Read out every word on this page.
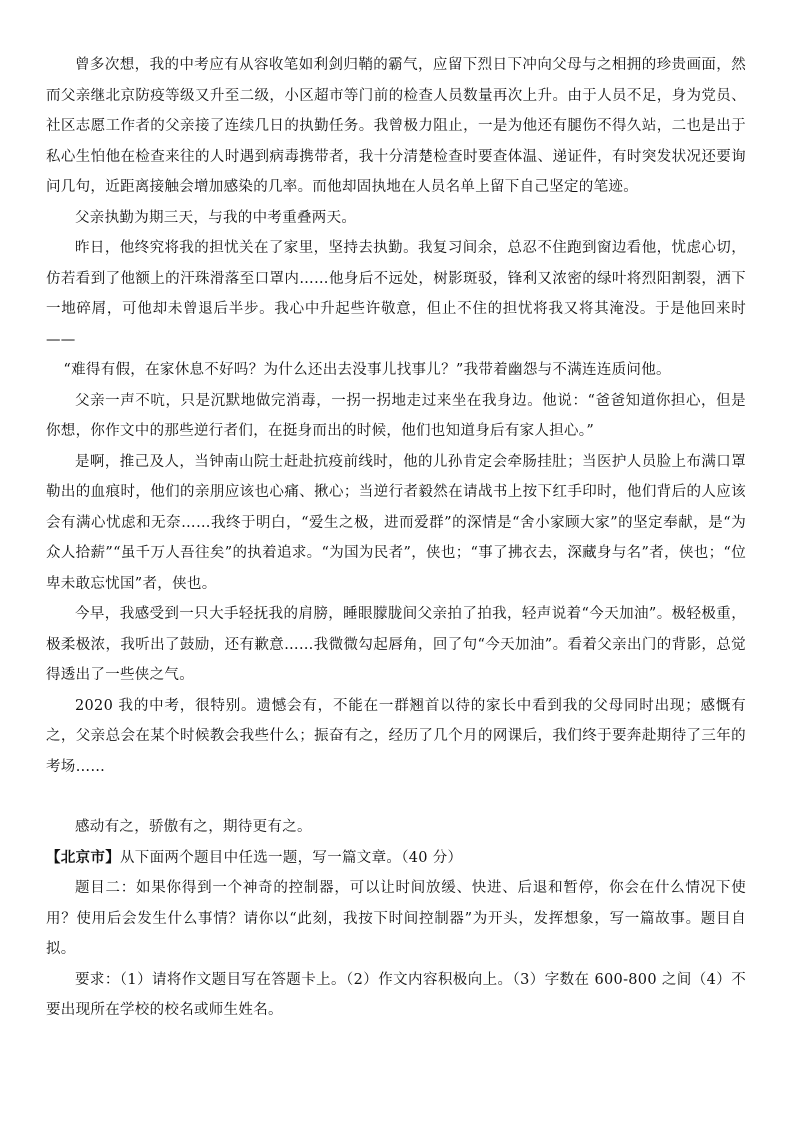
曾多次想，我的中考应有从容收笔如利剑归鞘的霸气，应留下烈日下冲向父母与之相拥的珍贵画面，然而父亲继北京防疫等级又升至二级，小区超市等门前的检查人员数量再次上升。由于人员不足，身为党员、社区志愿工作者的父亲接了连续几日的执勤任务。我曾极力阻止，一是为他还有腿伤不得久站，二也是出于私心生怕他在检查来往的人时遇到病毒携带者，我十分清楚检查时要查体温、递证件，有时突发状况还要询问几句，近距离接触会增加感染的几率。而他却固执地在人员名单上留下自己坚定的笔迹。

父亲执勤为期三天，与我的中考重叠两天。

昨日，他终究将我的担忧关在了家里，坚持去执勤。我复习间余，总忍不住跑到窗边看他，忧虑心切，仿若看到了他额上的汗珠滑落至口罩内……他身后不远处，树影斑驳，锋利又浓密的绿叶将烈阳割裂，洒下一地碎屑，可他却未曾退后半步。我心中升起些许敬意，但止不住的担忧将我又将其淹没。于是他回来时——

“难得有假，在家休息不好吗？为什么还出去没事儿找事儿？”我带着幽怨与不满连连质问他。

父亲一声不吭，只是沉默地做完消毒，一拐一拐地走过来坐在我身边。他说：“爸爸知道你担心，但是你想，你作文中的那些逆行者们，在挺身而出的时候，他们也知道身后有家人担心。”

是啊，推己及人，当钟南山院士赶赴抗疫前线时，他的儿孙肯定会牵肠挂肚；当医护人员脸上布满口罩勒出的血痕时，他们的亲朋应该也心痛、揪心；当逆行者毅然在请战书上按下红手印时，他们背后的人应该会有满心忧虑和无奈……我终于明白，“爱生之极，进而爱群”的深情是“舍小家顾大家”的坚定奉献，是“为众人拾薪”“虽千万人吾往矣”的执着追求。“为国为民者”，侠也；“事了拂衣去，深藏身与名”者，侠也；“位卑未敢忘忧国”者，侠也。

今早，我感受到一只大手轻抚我的肩膀，睡眼朦胧间父亲拍了拍我，轻声说着“今天加油”。极轻极重，极柔极浓，我听出了鼓励，还有歉意……我微微勾起唇角，回了句“今天加油”。看着父亲出门的背影，总觉得透出了一些侠之气。

2020 我的中考，很特别。遗憾会有，不能在一群翘首以待的家长中看到我的父母同时出现；感慨有之，父亲总会在某个时候教会我些什么；振奋有之，经历了几个月的网课后，我们终于要奔赴期待了三年的考场……

感动有之，骄傲有之，期待更有之。

【北京市】从下面两个题目中任选一题，写一篇文章。（40 分）

题目二：如果你得到一个神奇的控制器，可以让时间放缓、快进、后退和暂停，你会在什么情况下使用？使用后会发生什么事情？请你以“此刻，我按下时间控制器”为开头，发挥想象，写一篇故事。题目自拟。

要求：（1）请将作文题目写在答题卡上。（2）作文内容积极向上。（3）字数在 600-800 之间（4）不要出现所在学校的校名或师生姓名。
